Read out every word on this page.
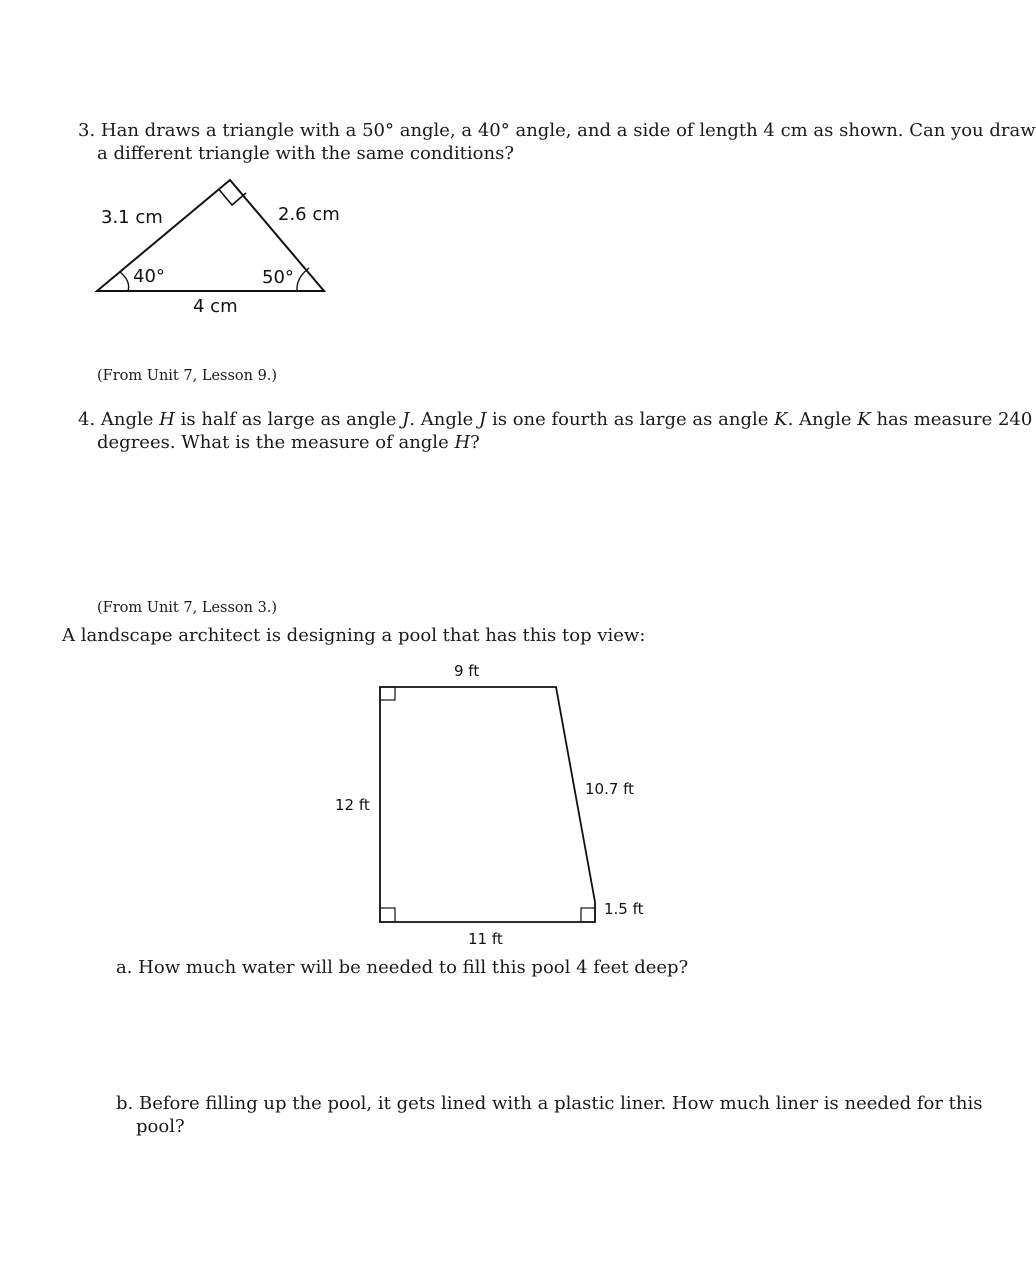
3. Han draws a triangle with a 50° angle, a 40° angle, and a side of length 4 cm as shown. Can you draw
a different triangle with the same conditions?
3.1 cm	2.6 cm
40°	50°
4 cm
(From Unit 7, Lesson 9.)
4. Angle H is half as large as angle J. Angle J is one fourth as large as angle K. Angle K has measure 240
degrees. What is the measure of angle H?
(From Unit 7, Lesson 3.)
A landscape architect is designing a pool that has this top view:
9 ft
12 ft
10.7 ft
1.5 ft
11 ft
a. How much water will be needed to fill this pool 4 feet deep?
b. Before filling up the pool, it gets lined with a plastic liner. How much liner is needed for this
pool?
